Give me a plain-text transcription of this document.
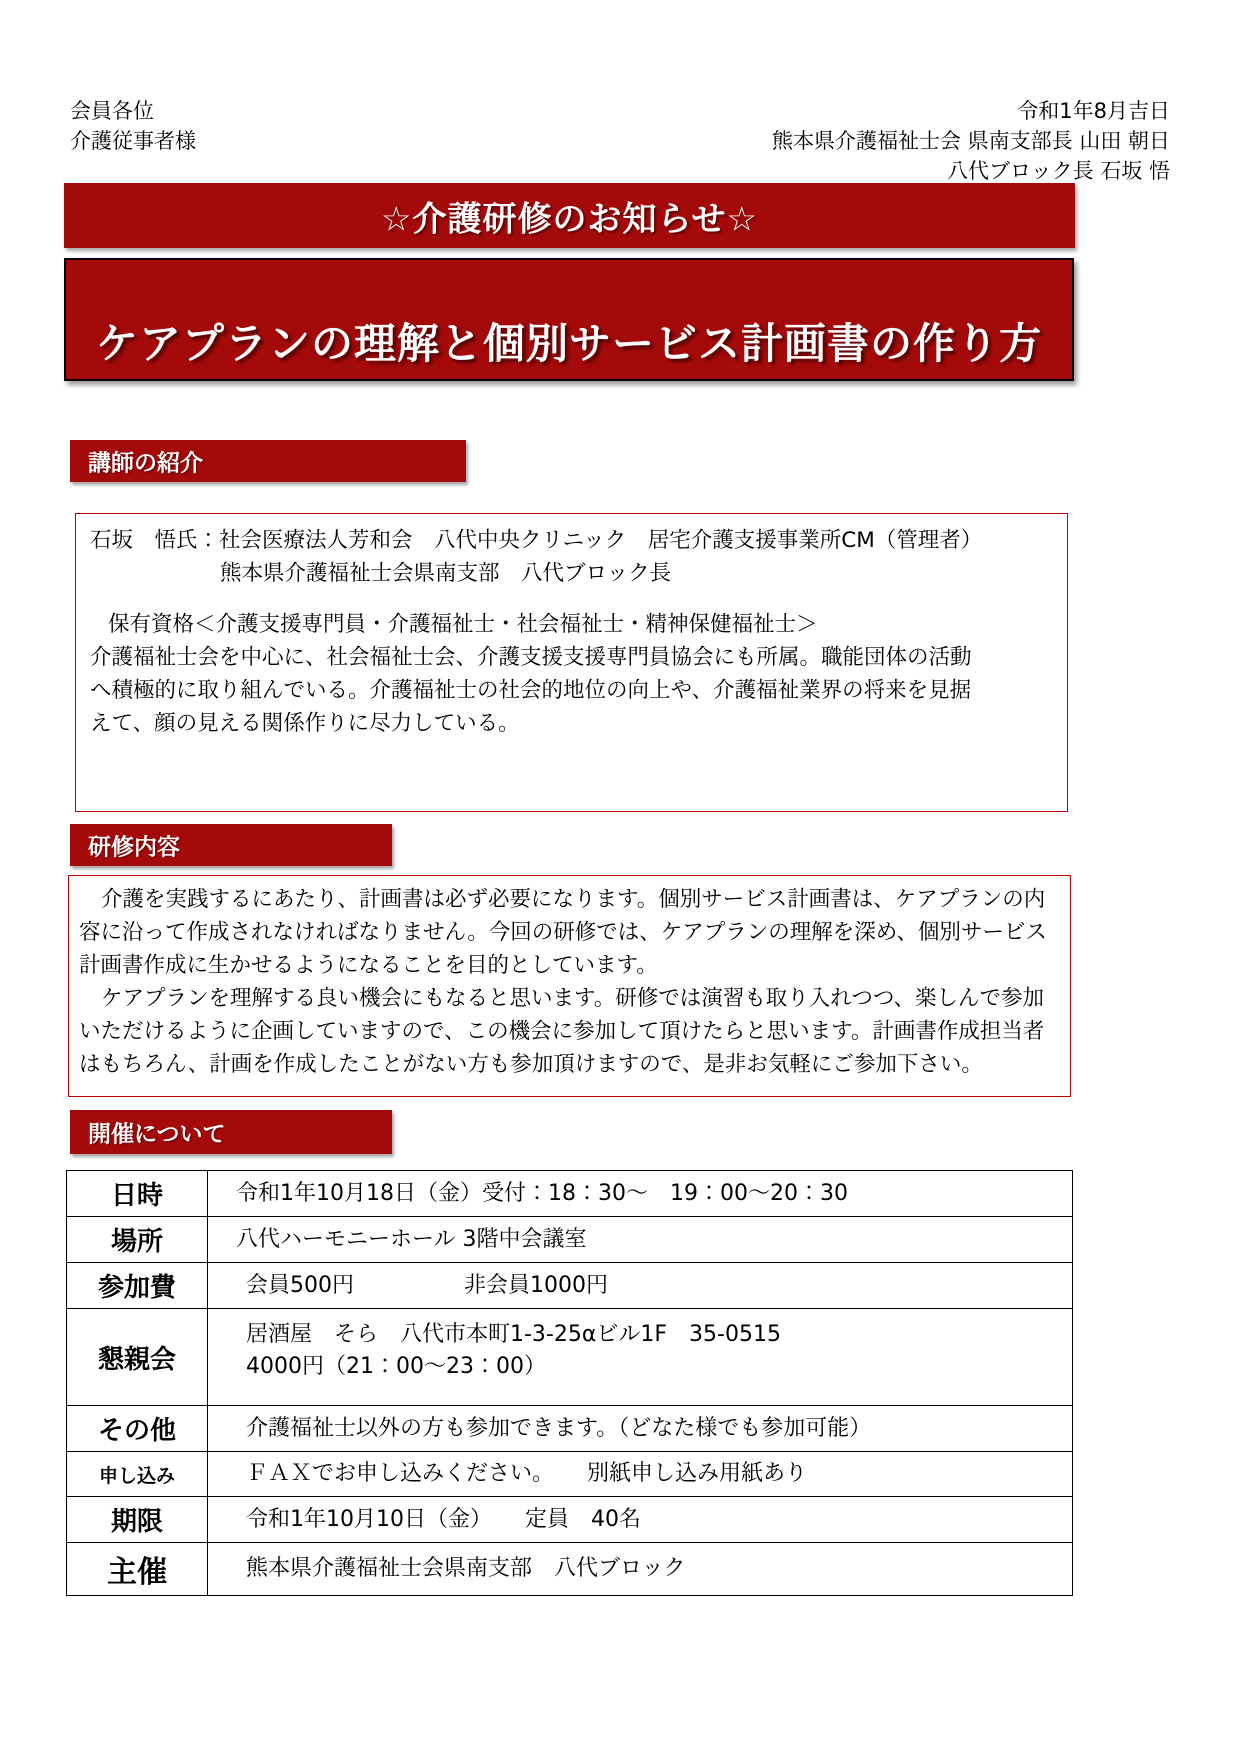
会員各位
介護従事者様
令和1年8月吉日
熊本県介護福祉士会 県南支部長 山田 朝日
八代ブロック長 石坂 悟
☆介護研修のお知らせ☆
ケアプランの理解と個別サービス計画書の作り方
講師の紹介
石坂　悟氏：社会医療法人芳和会　八代中央クリニック　居宅介護支援事業所CM（管理者）
熊本県介護福祉士会県南支部　八代ブロック長
保有資格＜介護支援専門員・介護福祉士・社会福祉士・精神保健福祉士＞
介護福祉士会を中心に、社会福祉士会、介護支援支援専門員協会にも所属。職能団体の活動
へ積極的に取り組んでいる。介護福祉士の社会的地位の向上や、介護福祉業界の将来を見据
えて、顔の見える関係作りに尽力している。
研修内容

介護を実践するにあたり、計画書は必ず必要になります。個別サービス計画書は、ケアプランの内容に沿って作成されなければなりません。今回の研修では、ケアプランの理解を深め、個別サービス計画書作成に生かせるようになることを目的としています。

ケアプランを理解する良い機会にもなると思います。研修では演習も取り入れつつ、楽しんで参加いただけるように企画していますので、この機会に参加して頂けたらと思います。計画書作成担当者はもちろん、計画を作成したことがない方も参加頂けますので、是非お気軽にご参加下さい。

開催について
日時	令和1年10月18日（金）受付：18：30～　19：00～20：30
場所	八代ハーモニーホール 3階中会議室
参加費	会員500円　　　　　非会員1000円
懇親会	居酒屋　そら　八代市本町1-3-25αビル1F　35-0515
4000円（21：00～23：00）

その他	介護福祉士以外の方も参加できます。（どなた様でも参加可能）
申し込み	ＦＡＸでお申し込みください。　　別紙申し込み用紙あり
期限	令和1年10月10日（金）　　定員　40名
主催	熊本県介護福祉士会県南支部　八代ブロック
